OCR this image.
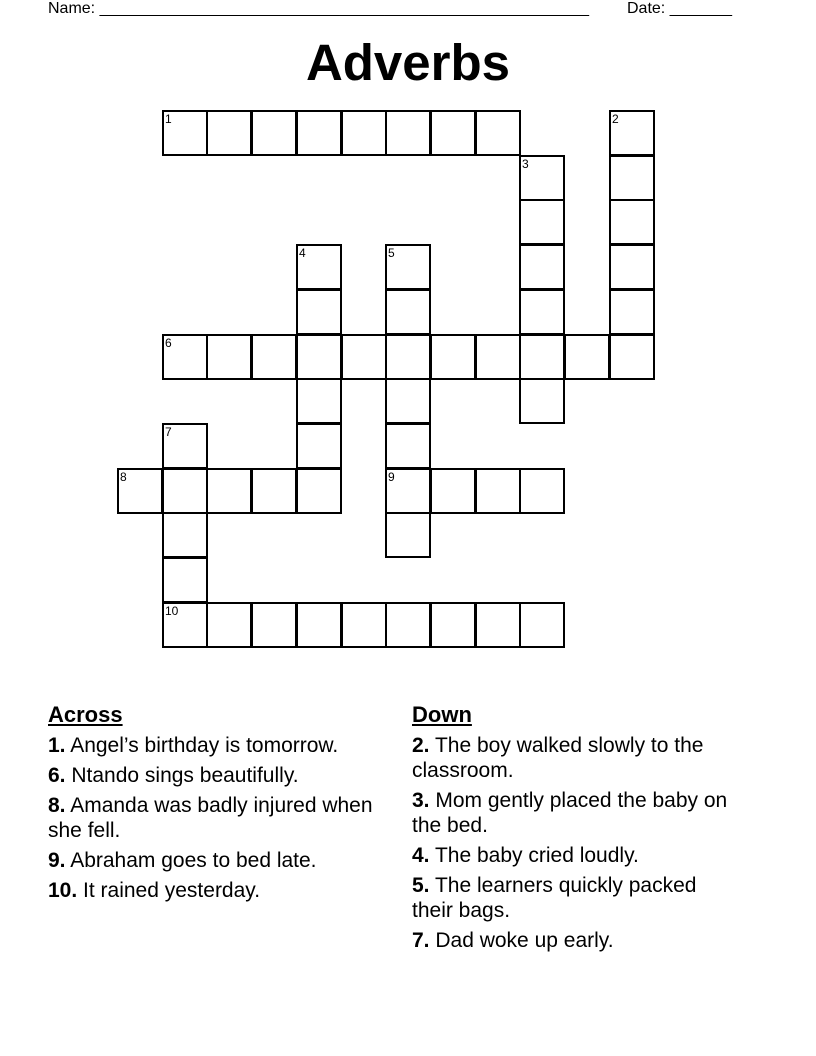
Name: _______________________________________________________ Date: _______
Adverbs
1	2
3
4	5
9
6
7
8
10
Across
1. Angel’s birthday is tomorrow.
6. Ntando sings beautifully.
8. Amanda was badly injured when she fell.
9. Abraham goes to bed late.
10. It rained yesterday.
Down
2. The boy walked slowly to the classroom.
3. Mom gently placed the baby on the bed.
4. The baby cried loudly.
5. The learners quickly packed their bags.
7. Dad woke up early.
